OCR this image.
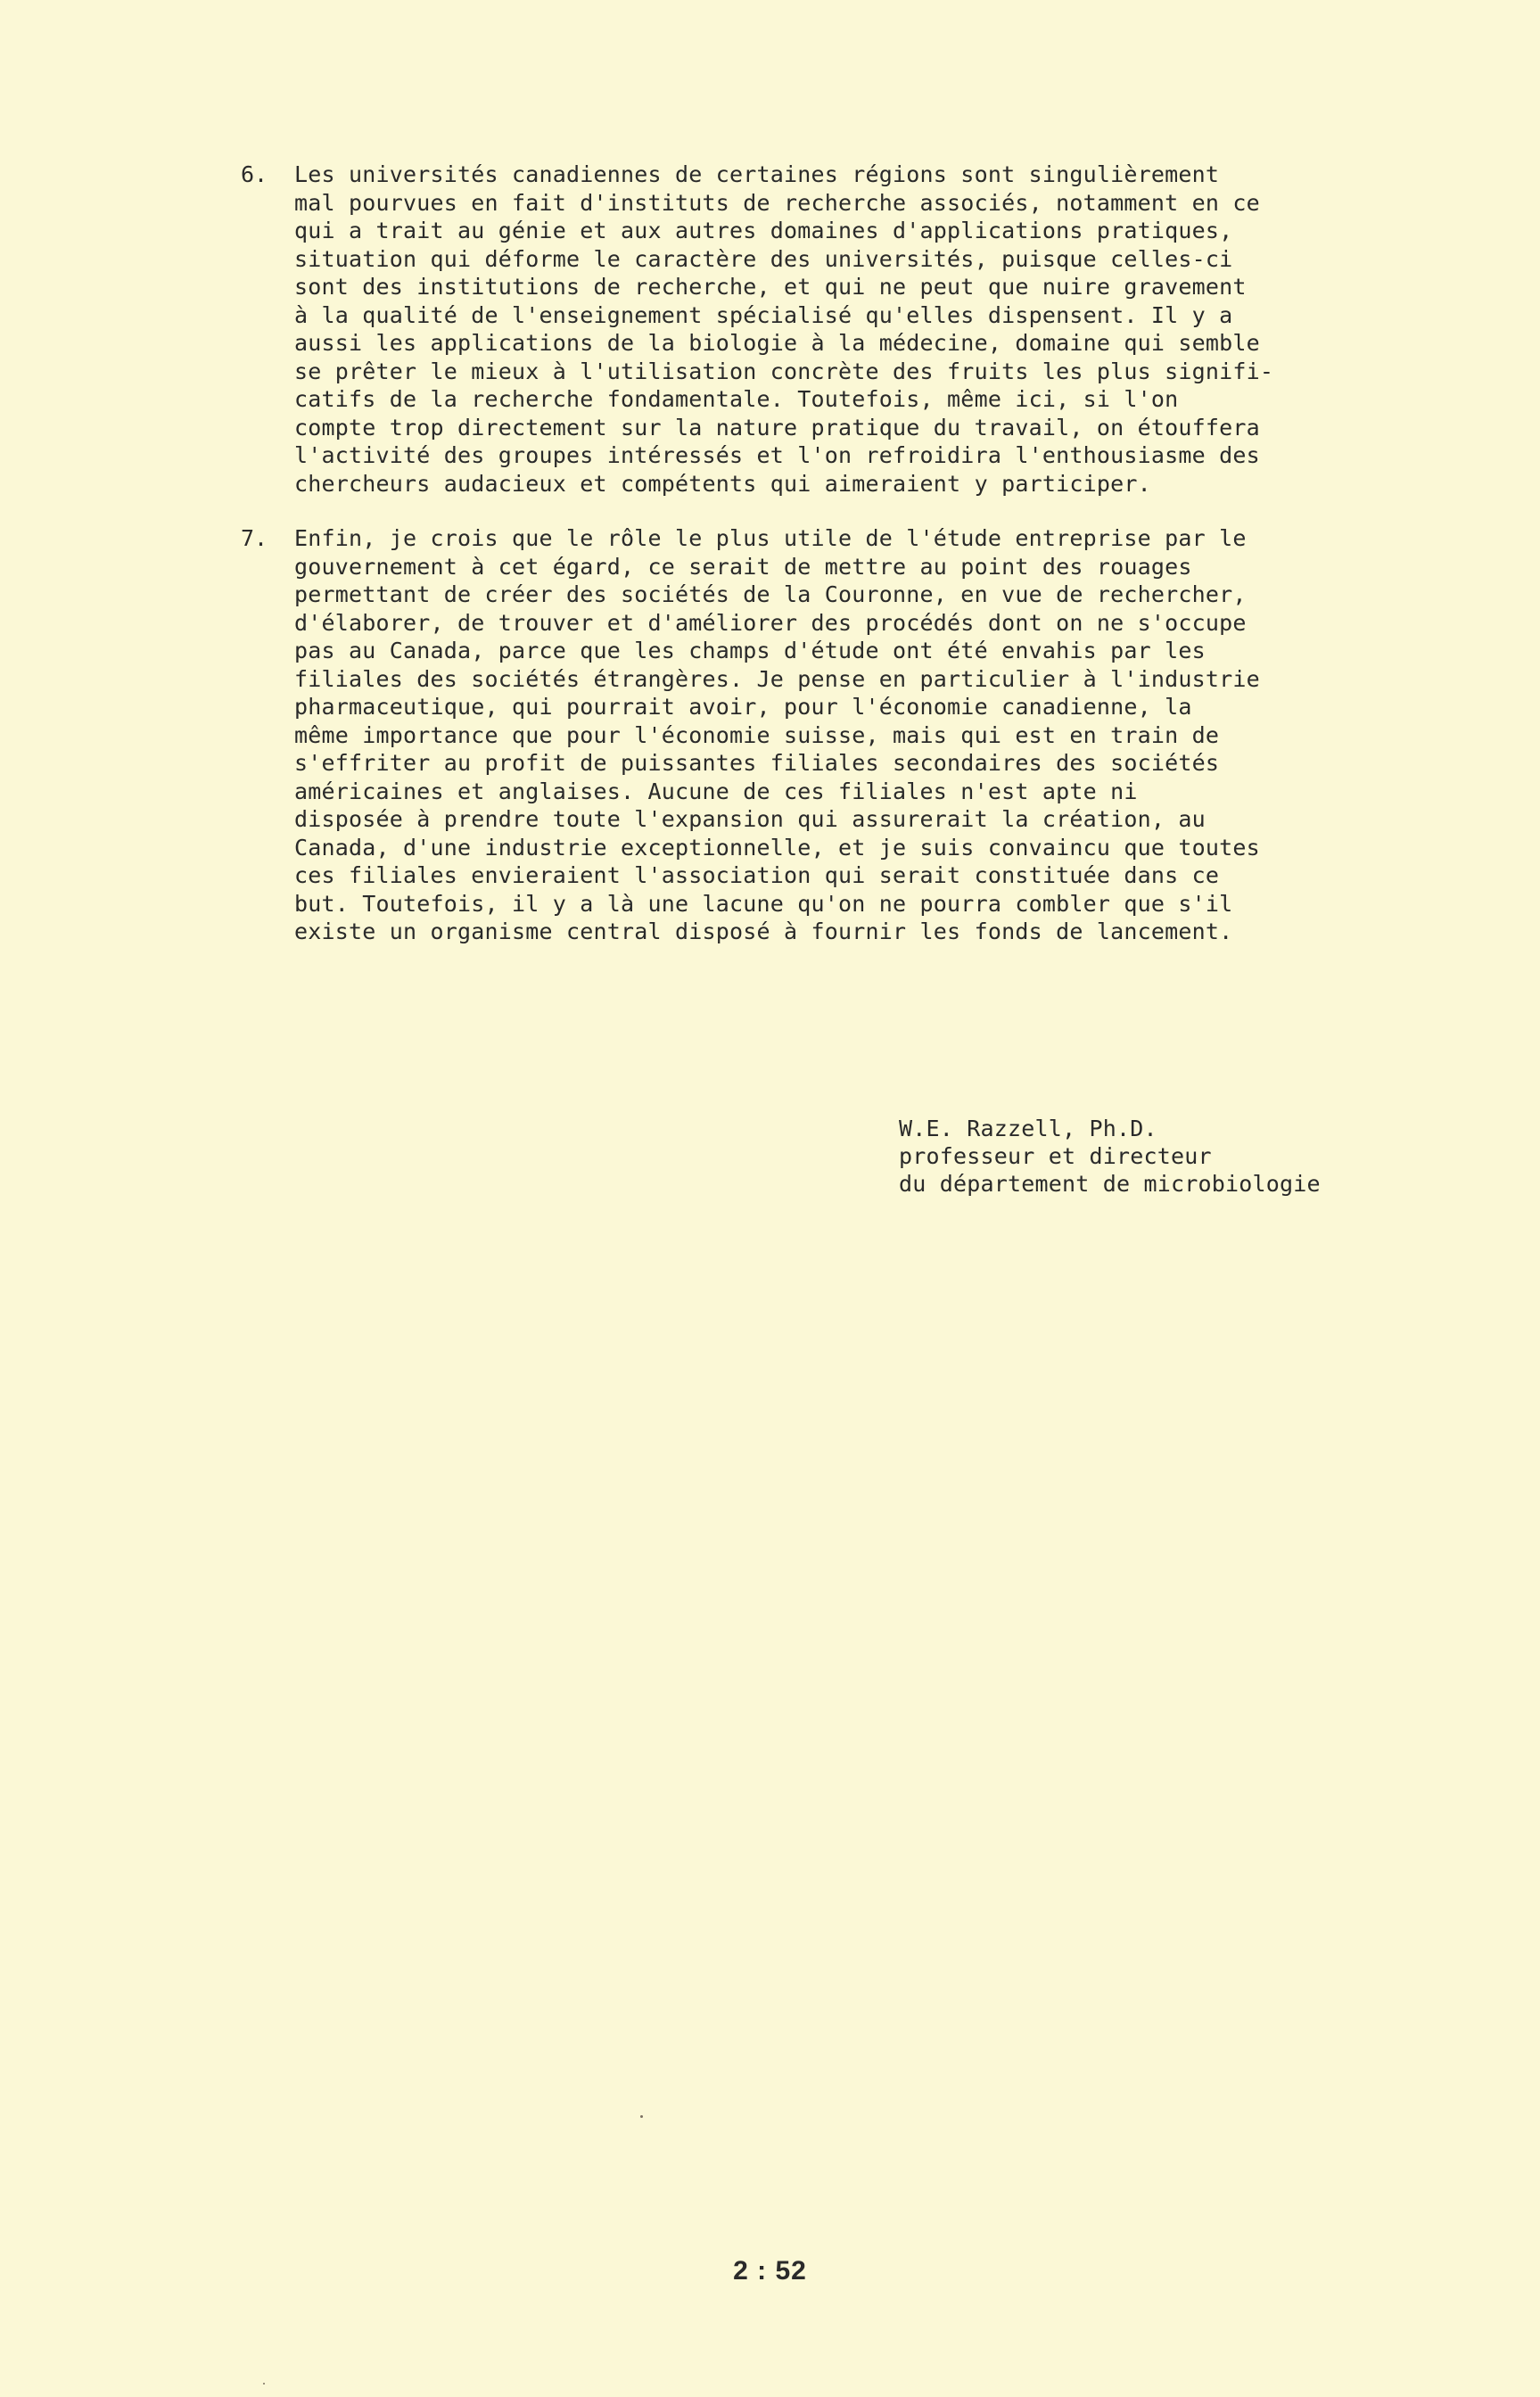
6. Les universités canadiennes de certaines régions sont singulièrement
mal pourvues en fait d'instituts de recherche associés, notamment en ce
qui a trait au génie et aux autres domaines d'applications pratiques,
situation qui déforme le caractère des universités, puisque celles-ci
sont des institutions de recherche, et qui ne peut que nuire gravement
à la qualité de l'enseignement spécialisé qu'elles dispensent. Il y a
aussi les applications de la biologie à la médecine, domaine qui semble
se prêter le mieux à l'utilisation concrète des fruits les plus signifi-
catifs de la recherche fondamentale. Toutefois, même ici, si l'on
compte trop directement sur la nature pratique du travail, on étouffera
l'activité des groupes intéressés et l'on refroidira l'enthousiasme des
chercheurs audacieux et compétents qui aimeraient y participer.
7. Enfin, je crois que le rôle le plus utile de l'étude entreprise par le
gouvernement à cet égard, ce serait de mettre au point des rouages
permettant de créer des sociétés de la Couronne, en vue de rechercher,
d'élaborer, de trouver et d'améliorer des procédés dont on ne s'occupe
pas au Canada, parce que les champs d'étude ont été envahis par les
filiales des sociétés étrangères. Je pense en particulier à l'industrie
pharmaceutique, qui pourrait avoir, pour l'économie canadienne, la
même importance que pour l'économie suisse, mais qui est en train de
s'effriter au profit de puissantes filiales secondaires des sociétés
américaines et anglaises. Aucune de ces filiales n'est apte ni
disposée à prendre toute l'expansion qui assurerait la création, au
Canada, d'une industrie exceptionnelle, et je suis convaincu que toutes
ces filiales envieraient l'association qui serait constituée dans ce
but. Toutefois, il y a là une lacune qu'on ne pourra combler que s'il
existe un organisme central disposé à fournir les fonds de lancement.
W.E. Razzell, Ph.D.
professeur et directeur
du département de microbiologie
2 : 52
